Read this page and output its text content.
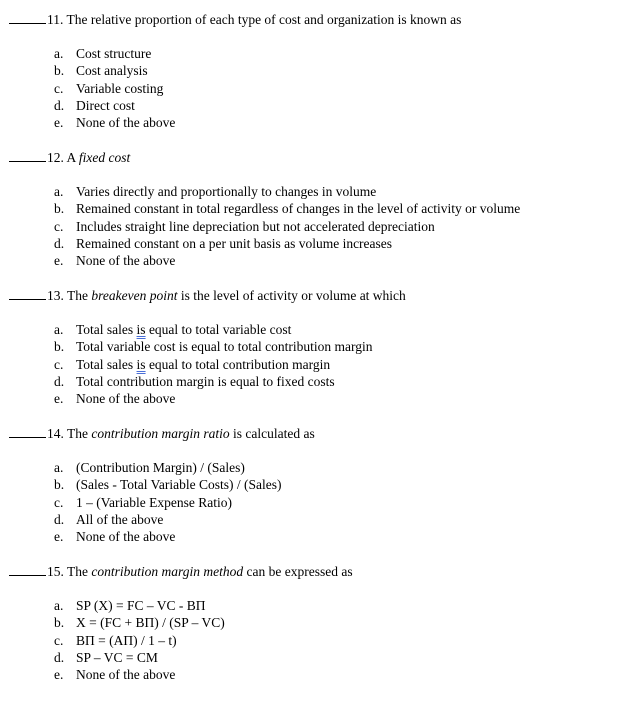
11. The relative proportion of each type of cost and organization is known as
a. Cost structure
b. Cost analysis
c. Variable costing
d. Direct cost
e. None of the above
12. A fixed cost
a. Varies directly and proportionally to changes in volume
b. Remained constant in total regardless of changes in the level of activity or volume
c. Includes straight line depreciation but not accelerated depreciation
d. Remained constant on a per unit basis as volume increases
e. None of the above
13. The breakeven point is the level of activity or volume at which
a. Total sales is equal to total variable cost
b. Total variable cost is equal to total contribution margin
c. Total sales is equal to total contribution margin
d. Total contribution margin is equal to fixed costs
e. None of the above
14. The contribution margin ratio is calculated as
a. (Contribution Margin) / (Sales)
b. (Sales - Total Variable Costs) / (Sales)
c. 1 – (Variable Expense Ratio)
d. All of the above
e. None of the above
15. The contribution margin method can be expressed as
a. SP (X) = FC – VC - BΠ
b. X = (FC + BΠ) / (SP – VC)
c. BΠ = (AΠ) / 1 – t)
d. SP – VC = CM
e. None of the above
